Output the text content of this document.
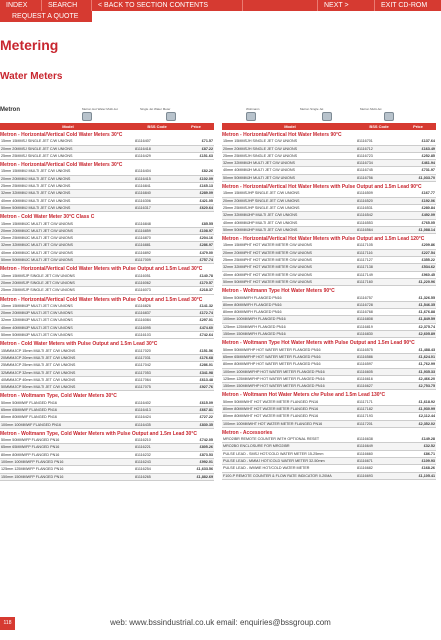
INDEX	SEARCH	< BACK TO SECTION CONTENTS	NEXT >	EXIT CD-ROM
REQUEST A QUOTE
Metering
Water Meters
Metron	Metron Hot Water Multi-Jet	Single Jet Water Meter	Woltmann	Metron Single Jet	Metron Multi-Jet
Model	BSS Code	Price
Metron - Horizontal/Vertical Cold Water Meters 30°C
15mm 15MMSJ SINGLE JET C/W UNIONS	81116407	£71.57
20mm 20MMSJ SINGLE JET C/W UNIONS	81116418	£87.22
25mm 25MMSJ SINGLE JET C/W UNIONS	81116429	£151.63
Metron - Horizontal/Vertical Cold Water Meters 30°C
15mm 15MMMJ MULTI JET C/W UNIONS	81116404	£82.26
20mm 20MMMJ MULTI JET C/W UNIONS	81116415	£102.09
25mm 25MMMJ MULTI JET C/W UNIONS	81116841	£165.13
32mm 32MMMJ MULTI JET C/W UNIONS	81116840	£289.09
40mm 40MMMJ MULTI JET C/W UNIONS	81116306	£421.05
50mm 50MMMJ MULTI JET C/W UNIONS	81116317	£620.64
Metron - Cold Water Meter 30°C Class C
15mm 15MMMJC MULTI JET C/W UNIONS	81116848	£85.55
20mm 20MMMJC MULTI JET C/W UNIONS	81116859	£108.97
25mm 25MMMJC MULTI JET C/W UNIONS	81116870	£204.16
32mm 32MMMJC MULTI JET C/W UNIONS	81116881	£286.97
40mm 40MMMJC MULTI JET C/W UNIONS	81116892	£479.00
50mm 50MMMJC MULTI JET C/W UNIONS	81117009	£757.74
Metron - Horizontal/Vertical Cold Water Meters with Pulse Output and 1.5m Lead 30°C
15mm 15MMSJP SINGLE JET C/W UNIONS	81116051	£140.78
20mm 20MMSJP SINGLE JET C/W UNIONS	81116062	£170.57
25mm 25MMSJP SINGLE JET C/W UNIONS	81116073	£218.37
Metron - Horizontal/Vertical Cold Water Meters with Pulse Output and 1.5m Lead 30°C
15mm 15MMMJP MULTI JET C/W UNIONS	81116826	£141.32
20mm 20MMMJP MULTI JET C/W UNIONS	81116837	£172.74
32mm 32MMMJP MULTI JET C/W UNIONS	81116084	£297.01
40mm 40MMMJP MULTI JET C/W UNIONS	81116095	£474.60
50mm 50MMMJP MULTI JET C/W UNIONS	81116103	£742.64
Metron - Cold Water Meters with Pulse Output and 1.5m Lead 30°C
15MMMJCP 15mm MULTI JET C/W UNIONS	81117020	£151.56
20MMMJCP 20mm MULTI JET C/W UNIONS	81117031	£176.68
25MMMJCP 25mm MULTI JET C/W UNIONS	81117042	£286.01
32MMMJCP 32mm MULTI JET C/W UNIONS	81117053	£341.98
40MMMJCP 40mm MULTI JET C/W UNIONS	81117064	£613.48
50MMMJCP 50mm MULTI JET C/W UNIONS	81117075	£927.76
Metron - Woltmann Type, Cold Water Meters 30°C
50mm 50MMWF FLANGED PN16	81116402	£615.09
65mm 65MMWF FLANGED PN16	81116413	£667.81
80mm 80MMWF FLANGED PN16	81116424	£727.22
100mm 100MMWF FLANGED PN16	81116435	£830.35
Metron - Woltmann Type, Cold Water Meters with Pulse Output and 1.5m Lead 30°C
50mm 50MMWFP FLANGED PN16	81116210	£742.05
65mm 65MMWFP FLANGED PN16	81116221	£805.26
80mm 80MMWFP FLANGED PN16	81116232	£873.53
100mm 100MMWFP FLANGED PN16	81116243	£992.01
125mm 125MMWFP FLANGED PN16	81116254	£1,633.56
150mm 150MMWFP FLANGED PN16	81116265	£1,882.69
Model	BSS Code	Price
Metron - Horizontal/Vertical Hot Water Meters 90°C
15mm 15MMSJH SINGLE JET C/W UNIONS	81116701	£137.64
20mm 20MMSJH SINGLE JET C/W UNIONS	81116712	£163.49
25mm 25MMSJH SINGLE JET C/W UNIONS	81116723	£252.85
32mm 32MMMJH MULTI JET C/W UNIONS	81116734	£461.94
40mm 40MMMJH MULTI JET C/W UNIONS	81116745	£731.97
50mm 50MMMJH MULTI JET C/W UNIONS	81116756	£1,033.70
Metron - Horizontal/Vertical Hot Water Meters with Pulse Output and 1.5m Lead 90°C
15mm 15MMSJHP SINGLE JET C/W UNIONS	81116509	£167.77
20mm 20MMSJHP SINGLE JET C/W UNIONS	81116520	£192.06
25mm 25MMSJHP SINGLE JET C/W UNIONS	81116531	£280.84
32mm 32MMMJHP MULTI JET C/W UNIONS	81116542	£492.09
40mm 40MMMJHP MULTI JET C/W UNIONS	81116553	£765.05
50mm 50MMMJHP MULTI JET C/W UNIONS	81116564	£1,088.14
Metron - Horizontal/Vertical Hot Water Meters with Pulse Output and 1.5m Lead 120°C
15mm 15MMPHT HOT WATER METER C/W UNIONS	81117105	£209.86
20mm 20MMPHT HOT WATER METER C/W UNIONS	81117116	£227.54
25mm 25MMPHT HOT WATER METER C/W UNIONS	81117127	£355.22
32mm 32MMPHT HOT WATER METER C/W UNIONS	81117138	£534.62
40mm 40MMPHT HOT WATER METER C/W UNIONS	81117149	£960.45
50mm 50MMPHT HOT WATER METER C/W UNIONS	81117160	£1,220.96
Metron - Woltmann Type Hot Water Meters 90°C
50mm 50MMWFH FLANGED PN16	81116757	£1,326.55
80mm 80MMWFH FLANGED PN16	81116728	£1,546.35
80mm 80MMWFH FLANGED PN16	81116768	£1,676.88
100mm 100MMWFH FLANGED PN16	81116808	£1,849.59
125mm 125MMWFH FLANGED PN16	81116819	£2,375.74
150mm 150MMWFH FLANGED PN16	81116830	£2,605.89
Metron - Woltmann Type Hot Water Meters with Pulse Output and 1.5m Lead 90°C
50mm 50MMWFHP HOT WATER METER FLANGED PN16	81116575	£1,488.43
65mm 65MMWFHP HOT WATER METER FLANGED PN16	81116586	£1,624.01
80mm 80MMWFHP HOT WATER METER FLANGED PN16	81116597	£1,762.99
100mm 100MMWFHP HOT WATER METER FLANGED PN16	81116605	£1,935.33
125mm 125MMWFHP HOT WATER METER FLANGED PN16	81116616	£2,466.20
150mm 150MMWFHP HOT WATER METER FLANGED PN16	81116627	£2,753.75
Metron - Woltmann Hot Water Meters c/w Pulse and 1.5m Lead 130°C
50mm 50MMWHT HOT WATER METER FLANGED PN16	81117171	£1,618.92
80mm 80MMWHT HOT WATER METER FLANGED PN16	81117182	£1,930.99
80mm 80MMWHT HOT WATER METER FLANGED PN16	81117193	£2,112.44
100mm 100MMWHT HOT WATER METER FLANGED PN16	81117201	£2,352.02
Metron - Accessories
MRO2IBR REMOTE COUNTER WITH OPTIONAL RESET	81116638	£149.28
MRO2BO ENCLOSURE FOR MRO2IBR	81116649	£32.52
PULSE LEAD - SMSJ HOT/COLD WATER METER 15-25mm	81116660	£86.71
PULSE LEAD - MMMJ HOT/COLD WATER METER 32-50mm	81116671	£109.93
PULSE LEAD - WMWE HOT/COLD WATER METER	81116682	£168.26
F100-P REMOTE COUNTER & FLOW RATE INDICATOR 0-20MA	81116693	£1,105.41
web: www.bssindustrial.co.uk email: enquiries@bssgroup.com
118
